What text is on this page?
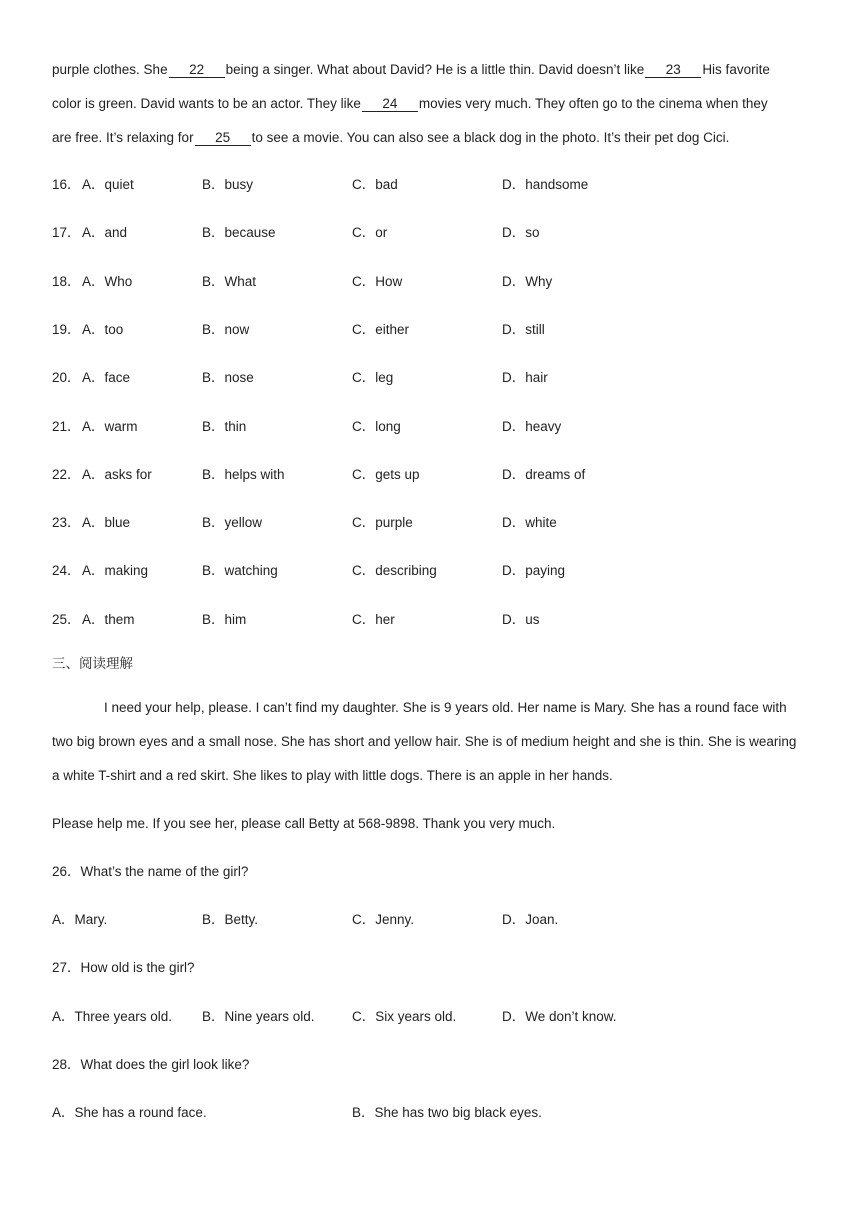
purple clothes. She 22 being a singer. What about David? He is a little thin. David doesn’t like 23 His favorite
color is green. David wants to be an actor. They like 24 movies very much. They often go to the cinema when they
are free. It’s relaxing for 25 to see a movie. You can also see a black dog in the photo. It’s their pet dog Cici.
16． A．quiet	B．busy	C．bad	D．handsome
17． A．and	B．because	C．or	D．so
18． A．Who	B．What	C．How	D．Why
19． A．too	B．now	C．either	D．still
20． A．face	B．nose	C．leg	D．hair
21． A．warm	B．thin	C．long	D．heavy
22． A．asks for	B．helps with	C．gets up	D．dreams of
23． A．blue	B．yellow	C．purple	D．white
24． A．making	B．watching	C．describing	D．paying
25． A．them	B．him	C．her	D．us
三、阅读理解
I need your help, please. I can’t find my daughter. She is 9 years old. Her name is Mary. She has a round face with
two big brown eyes and a small nose. She has short and yellow hair. She is of medium height and she is thin. She is wearing
a white T-shirt and a red skirt. She likes to play with little dogs. There is an apple in her hands.
Please help me. If you see her, please call Betty at 568-9898. Thank you very much.
26．What’s the name of the girl?
A．Mary.	B．Betty.	C．Jenny.	D．Joan.
27．How old is the girl?
A．Three years old. B．Nine years old.	C．Six years old.	D．We don’t know.
28．What does the girl look like?
A．She has a round face.	B．She has two big black eyes.
